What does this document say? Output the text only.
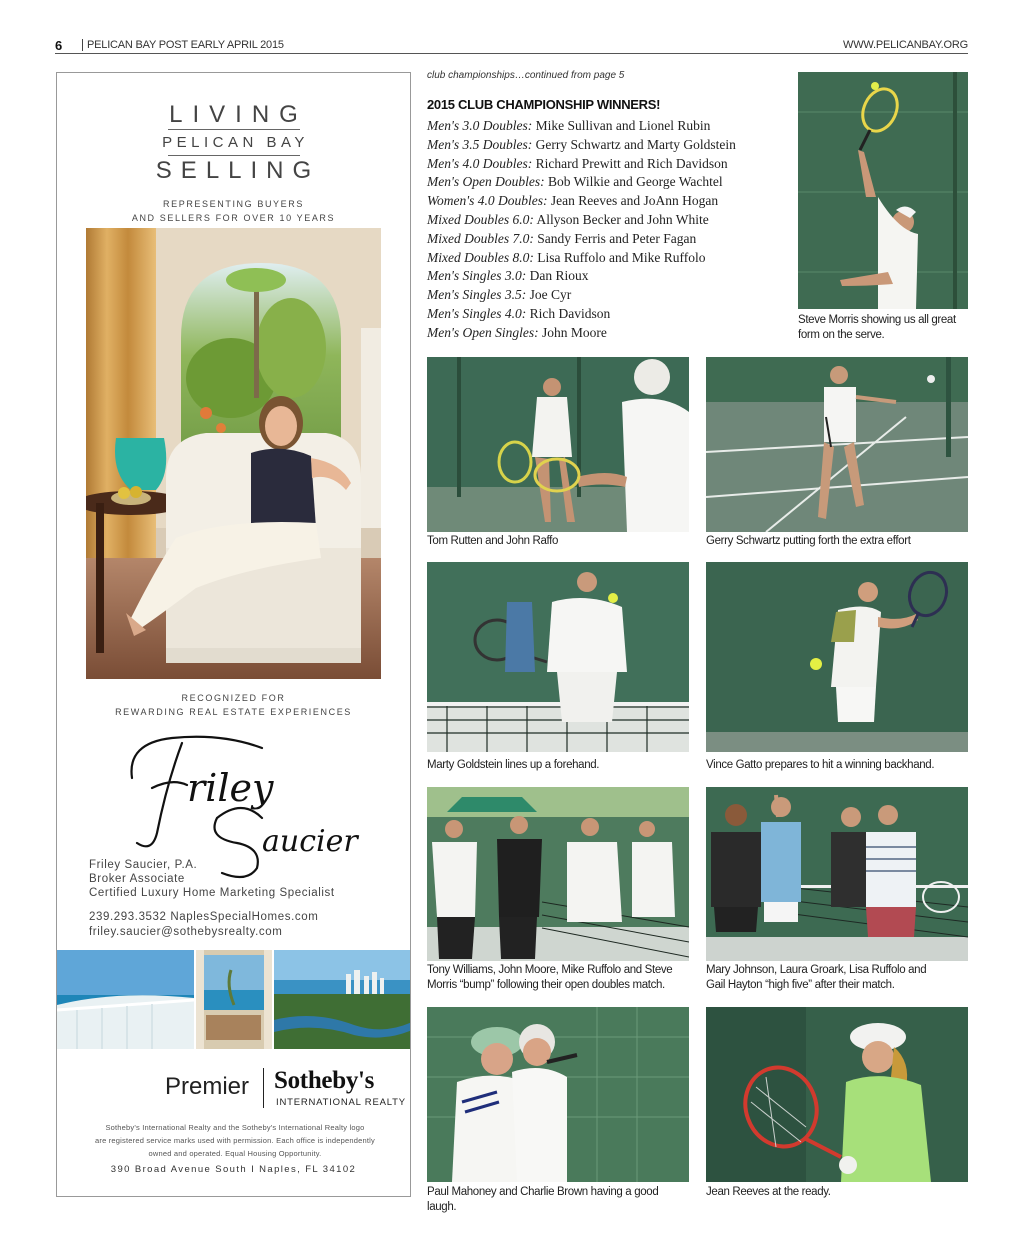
6 PELICAN BAY POST EARLY APRIL 2015	WWW.PELICANBAY.ORG
LIVING
PELICAN BAY
SELLING
REPRESENTING BUYERS
AND SELLERS FOR OVER 10 YEARS
RECOGNIZED FOR
REWARDING REAL ESTATE EXPERIENCES
riley
aucier
Friley Saucier, P.A.
Broker Associate
Certified Luxury Home Marketing Specialist
239.293.3532 NaplesSpecialHomes.com
friley.saucier@sothebysrealty.com
Premier Sotheby's
INTERNATIONAL REALTY
Sotheby's International Realty and the Sotheby's International Realty logo
are registered service marks used with permission. Each office is independently
owned and operated. Equal Housing Opportunity.
390 Broad Avenue South I Naples, FL 34102
club championships…continued from page 5
2015 CLUB CHAMPIONSHIP WINNERS!
Men's 3.0 Doubles: Mike Sullivan and Lionel Rubin
Men's 3.5 Doubles: Gerry Schwartz and Marty Goldstein
Men's 4.0 Doubles: Richard Prewitt and Rich Davidson
Men's Open Doubles: Bob Wilkie and George Wachtel
Women's 4.0 Doubles: Jean Reeves and JoAnn Hogan
Mixed Doubles 6.0: Allyson Becker and John White
Mixed Doubles 7.0: Sandy Ferris and Peter Fagan
Mixed Doubles 8.0: Lisa Ruffolo and Mike Ruffolo
Men's Singles 3.0: Dan Rioux
Men's Singles 3.5: Joe Cyr
Men's Singles 4.0: Rich Davidson
Men's Open Singles: John Moore
Steve Morris showing us all great
form on the serve.
Tom Rutten and John Raffo	Gerry Schwartz putting forth the extra effort
Marty Goldstein lines up a forehand.	Vince Gatto prepares to hit a winning backhand.
Tony Williams, John Moore, Mike Ruffolo and Steve
Morris “bump” following their open doubles match.
Mary Johnson, Laura Groark, Lisa Ruffolo and
Gail Hayton “high five” after their match.
Paul Mahoney and Charlie Brown having a good laugh.
Jean Reeves at the ready.
